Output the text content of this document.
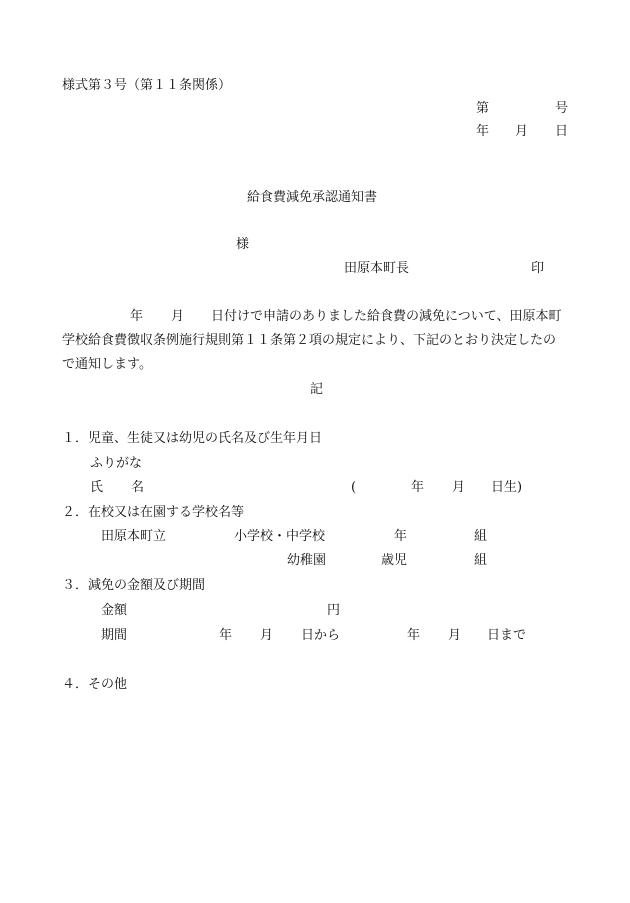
様式第３号（第１１条関係）
第	号
年 月 日
給食費減免承認通知書
様
田原本町長	印
年 月 日付けで申請のありました給食費の減免について、田原本町
学校給食費徴収条例施行規則第１１条第２項の規定により、下記のとおり決定したの
で通知します。
記
１．児童、生徒又は幼児の氏名及び生年月日
ふりがな
氏 名	(	年 月 日生)
２．在校又は在園する学校名等
田原本町立	小学校・中学校	年	組
幼稚園	歳児	組
３．減免の金額及び期間
金額	円
期間	年 月 日から	年 月 日まで
４．その他
